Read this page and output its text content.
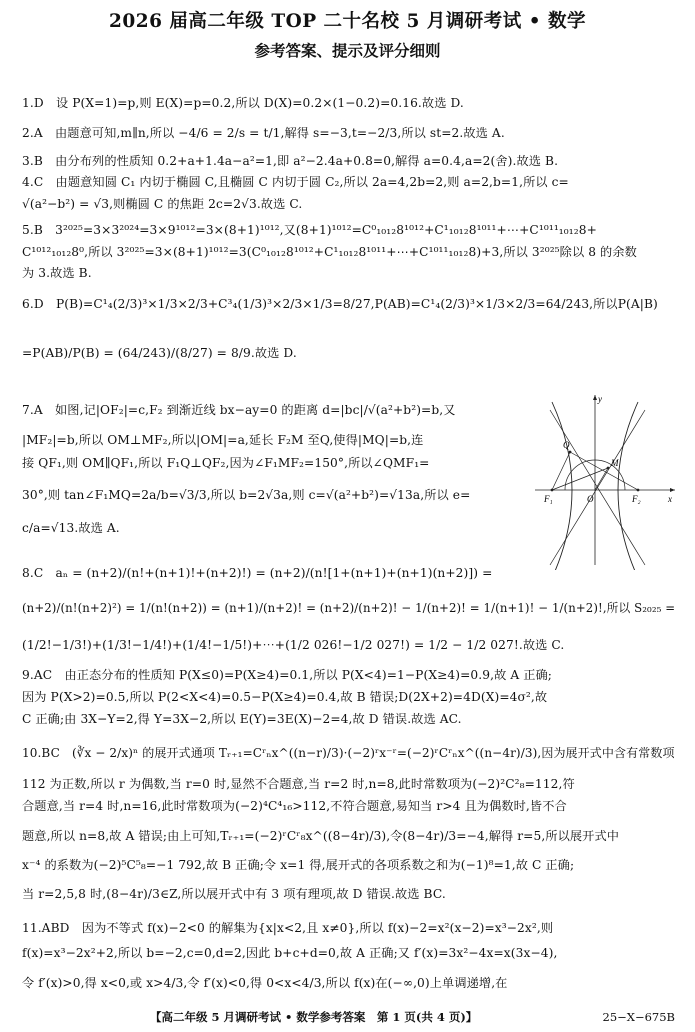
2026 届高二年级 TOP 二十名校 5 月调研考试 • 数学
参考答案、提示及评分细则
1.D　设 P(X=1)=p,则 E(X)=p=0.2,所以 D(X)=0.2×(1−0.2)=0.16.故选 D.
2.A　由题意可知,m∥n,所以 −4/6 = 2/s = t/1,解得 s=−3,t=−2/3,所以 st=2.故选 A.
3.B　由分布列的性质知 0.2+a+1.4a−a²=1,即 a²−2.4a+0.8=0,解得 a=0.4,a=2(舍).故选 B.
4.C　由题意知圆 C₁ 内切于椭圆 C,且椭圆 C 内切于圆 C₂,所以 2a=4,2b=2,则 a=2,b=1,所以 c=
√(a²−b²) = √3,则椭圆 C 的焦距 2c=2√3.故选 C.
5.B　3²⁰²⁵=3×3²⁰²⁴=3×9¹⁰¹²=3×(8+1)¹⁰¹²,又(8+1)¹⁰¹²=C⁰₁₀₁₂8¹⁰¹²+C¹₁₀₁₂8¹⁰¹¹+⋯+C¹⁰¹¹₁₀₁₂8+
C¹⁰¹²₁₀₁₂8⁰,所以 3²⁰²⁵=3×(8+1)¹⁰¹²=3(C⁰₁₀₁₂8¹⁰¹²+C¹₁₀₁₂8¹⁰¹¹+⋯+C¹⁰¹¹₁₀₁₂8)+3,所以 3²⁰²⁵除以 8 的余数
为 3.故选 B.
6.D　P(B)=C¹₄(2/3)³×1/3×2/3+C³₄(1/3)³×2/3×1/3=8/27,P(AB)=C¹₄(2/3)³×1/3×2/3=64/243,所以P(A|B)
=P(AB)/P(B) = (64/243)/(8/27) = 8/9.故选 D.
7.A　如图,记|OF₂|=c,F₂ 到渐近线 bx−ay=0 的距离 d=|bc|/√(a²+b²)=b,又
|MF₂|=b,所以 OM⊥MF₂,所以|OM|=a,延长 F₂M 至Q,使得|MQ|=b,连
接 QF₁,则 OM∥QF₁,所以 F₁Q⊥QF₂,因为∠F₁MF₂=150°,所以∠QMF₁=
30°,则 tan∠F₁MQ=2a/b=√3/3,所以 b=2√3a,则 c=√(a²+b²)=√13a,所以 e=
c/a=√13.故选 A.
y
x
O
Q
M
F₁	F₂
8.C　aₙ = (n+2)/(n!+(n+1)!+(n+2)!) = (n+2)/(n![1+(n+1)+(n+1)(n+2)]) =
(n+2)/(n!(n+2)²) = 1/(n!(n+2)) = (n+1)/(n+2)! = (n+2)/(n+2)! − 1/(n+2)! = 1/(n+1)! − 1/(n+2)!,所以 S₂₀₂₅ =
(1/2!−1/3!)+(1/3!−1/4!)+(1/4!−1/5!)+⋯+(1/2 026!−1/2 027!) = 1/2 − 1/2 027!.故选 C.
9.AC　由正态分布的性质知 P(X≤0)=P(X≥4)=0.1,所以 P(X<4)=1−P(X≥4)=0.9,故 A 正确;
因为 P(X>2)=0.5,所以 P(2<X<4)=0.5−P(X≥4)=0.4,故 B 错误;D(2X+2)=4D(X)=4σ²,故
C 正确;由 3X−Y=2,得 Y=3X−2,所以 E(Y)=3E(X)−2=4,故 D 错误.故选 AC.
10.BC　(∛x − 2/x)ⁿ 的展开式通项 Tᵣ₊₁=Cʳₙx^((n−r)/3)·(−2)ʳx⁻ʳ=(−2)ʳCʳₙx^((n−4r)/3),因为展开式中含有常数项
112 为正数,所以 r 为偶数,当 r=0 时,显然不合题意,当 r=2 时,n=8,此时常数项为(−2)²C²₈=112,符
合题意,当 r=4 时,n=16,此时常数项为(−2)⁴C⁴₁₆>112,不符合题意,易知当 r>4 且为偶数时,皆不合
题意,所以 n=8,故 A 错误;由上可知,Tᵣ₊₁=(−2)ʳCʳ₈x^((8−4r)/3),令(8−4r)/3=−4,解得 r=5,所以展开式中
x⁻⁴ 的系数为(−2)⁵C⁵₈=−1 792,故 B 正确;令 x=1 得,展开式的各项系数之和为(−1)⁸=1,故 C 正确;
当 r=2,5,8 时,(8−4r)/3∈Z,所以展开式中有 3 项有理项,故 D 错误.故选 BC.
11.ABD　因为不等式 f(x)−2<0 的解集为{x|x<2,且 x≠0},所以 f(x)−2=x²(x−2)=x³−2x²,则
f(x)=x³−2x²+2,所以 b=−2,c=0,d=2,因此 b+c+d=0,故 A 正确;又 f′(x)=3x²−4x=x(3x−4),
令 f′(x)>0,得 x<0,或 x>4/3,令 f′(x)<0,得 0<x<4/3,所以 f(x)在(−∞,0)上单调递增,在
【高二年级 5 月调研考试 • 数学参考答案　第 1 页(共 4 页)】	25−X−675B
